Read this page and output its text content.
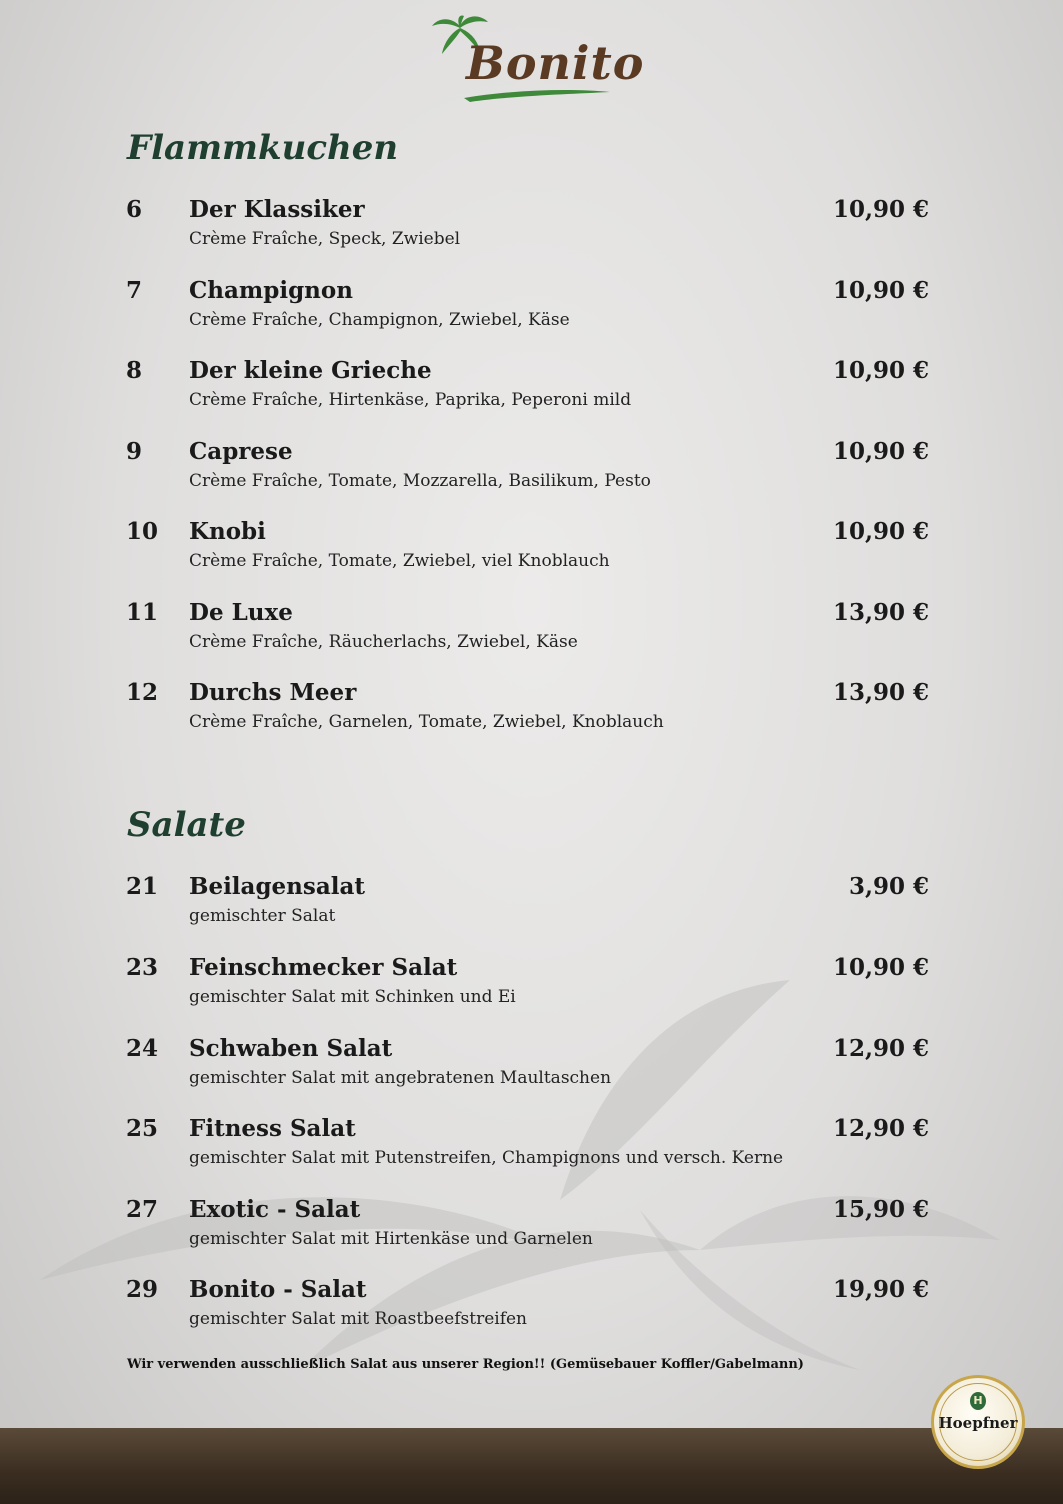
Bonito
Flammkuchen
6 Der Klassiker	10,90 €
Crème Fraîche, Speck, Zwiebel
7 Champignon	10,90 €
Crème Fraîche, Champignon, Zwiebel, Käse
8 Der kleine Grieche	10,90 €
Crème Fraîche, Hirtenkäse, Paprika, Peperoni mild
9 Caprese	10,90 €
Crème Fraîche, Tomate, Mozzarella, Basilikum, Pesto
10 Knobi	10,90 €
Crème Fraîche, Tomate, Zwiebel, viel Knoblauch
11 De Luxe	13,90 €
Crème Fraîche, Räucherlachs, Zwiebel, Käse
12 Durchs Meer	13,90 €
Crème Fraîche, Garnelen, Tomate, Zwiebel, Knoblauch
Salate
21 Beilagensalat	3,90 €
gemischter Salat
23 Feinschmecker Salat	10,90 €
gemischter Salat mit Schinken und Ei
24 Schwaben Salat	12,90 €
gemischter Salat mit angebratenen Maultaschen
25 Fitness Salat	12,90 €
gemischter Salat mit Putenstreifen, Champignons und versch. Kerne
27 Exotic - Salat	15,90 €
gemischter Salat mit Hirtenkäse und Garnelen
29 Bonito - Salat	19,90 €
gemischter Salat mit Roastbeefstreifen
Wir verwenden ausschließlich Salat aus unserer Region!! (Gemüsebauer Koffler/Gabelmann)
H
Hoepfner
